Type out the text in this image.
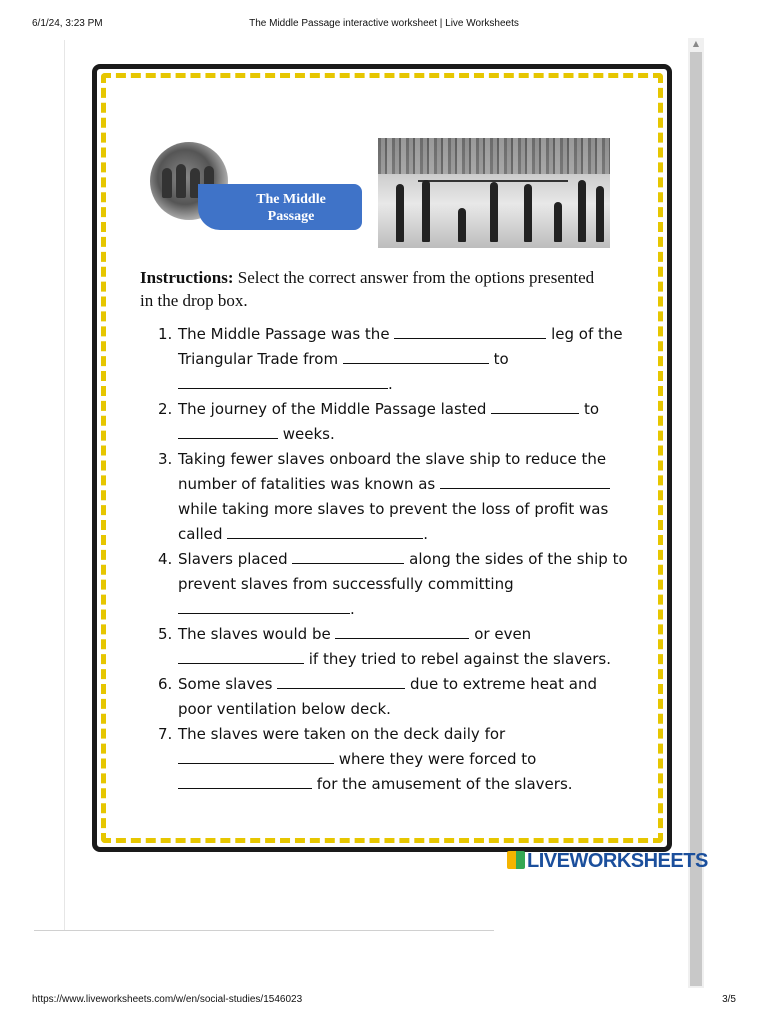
6/1/24, 3:23 PM	The Middle Passage interactive worksheet | Live Worksheets
▲
The Middle
Passage
Instructions: Select the correct answer from the options presented in the drop box.
1. The Middle Passage was the	leg of the Triangular Trade from	to .
2. The journey of the Middle Passage lasted	to  weeks.
3. Taking fewer slaves onboard the slave ship to reduce the number of fatalities was known as  while taking more slaves to prevent the loss of profit was called	.
4. Slavers placed	along the sides of the ship to prevent slaves from successfully committing .
5. The slaves would be	or even  if they tried to rebel against the slavers.
6. Some slaves	due to extreme heat and poor ventilation below deck.
7. The slaves were taken on the deck daily for  where they were forced to  for the amusement of the slavers.
LIVEWORKSHEETS
https://www.liveworksheets.com/w/en/social-studies/1546023	3/5
